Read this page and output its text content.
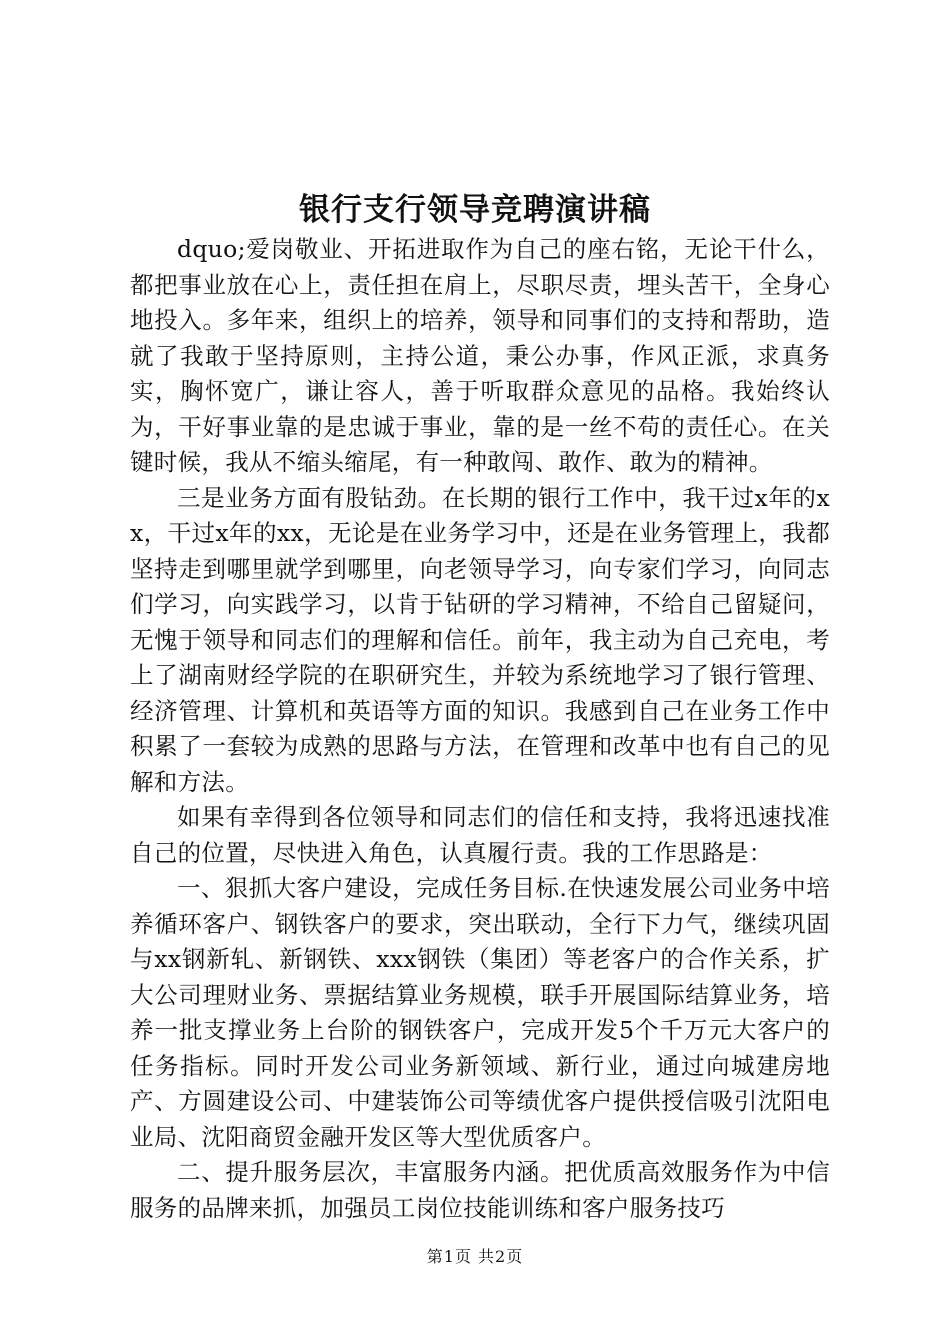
银行支行领导竞聘演讲稿

dquo;爱岗敬业、开拓进取作为自己的座右铭，无论干什么，都把事业放在心上，责任担在肩上，尽职尽责，埋头苦干，全身心地投入。多年来，组织上的培养，领导和同事们的支持和帮助，造就了我敢于坚持原则，主持公道，秉公办事，作风正派，求真务实，胸怀宽广，谦让容人，善于听取群众意见的品格。我始终认为，干好事业靠的是忠诚于事业，靠的是一丝不苟的责任心。在关键时候，我从不缩头缩尾，有一种敢闯、敢作、敢为的精神。

三是业务方面有股钻劲。在长期的银行工作中，我干过x年的xx，干过x年的xx，无论是在业务学习中，还是在业务管理上，我都坚持走到哪里就学到哪里，向老领导学习，向专家们学习，向同志们学习，向实践学习，以肯于钻研的学习精神，不给自己留疑问，无愧于领导和同志们的理解和信任。前年，我主动为自己充电，考上了湖南财经学院的在职研究生，并较为系统地学习了银行管理、经济管理、计算机和英语等方面的知识。我感到自己在业务工作中积累了一套较为成熟的思路与方法，在管理和改革中也有自己的见解和方法。

如果有幸得到各位领导和同志们的信任和支持，我将迅速找准自己的位置，尽快进入角色，认真履行责。我的工作思路是：

一、狠抓大客户建设，完成任务目标.在快速发展公司业务中培养循环客户、钢铁客户的要求，突出联动，全行下力气，继续巩固与xx钢新轧、新钢铁、xxx钢铁（集团）等老客户的合作关系，扩大公司理财业务、票据结算业务规模，联手开展国际结算业务，培养一批支撑业务上台阶的钢铁客户，完成开发5个千万元大客户的任务指标。同时开发公司业务新领域、新行业，通过向城建房地产、方圆建设公司、中建装饰公司等绩优客户提供授信吸引沈阳电业局、沈阳商贸金融开发区等大型优质客户。

二、提升服务层次，丰富服务内涵。把优质高效服务作为中信服务的品牌来抓，加强员工岗位技能训练和客户服务技巧

第1页 共2页
